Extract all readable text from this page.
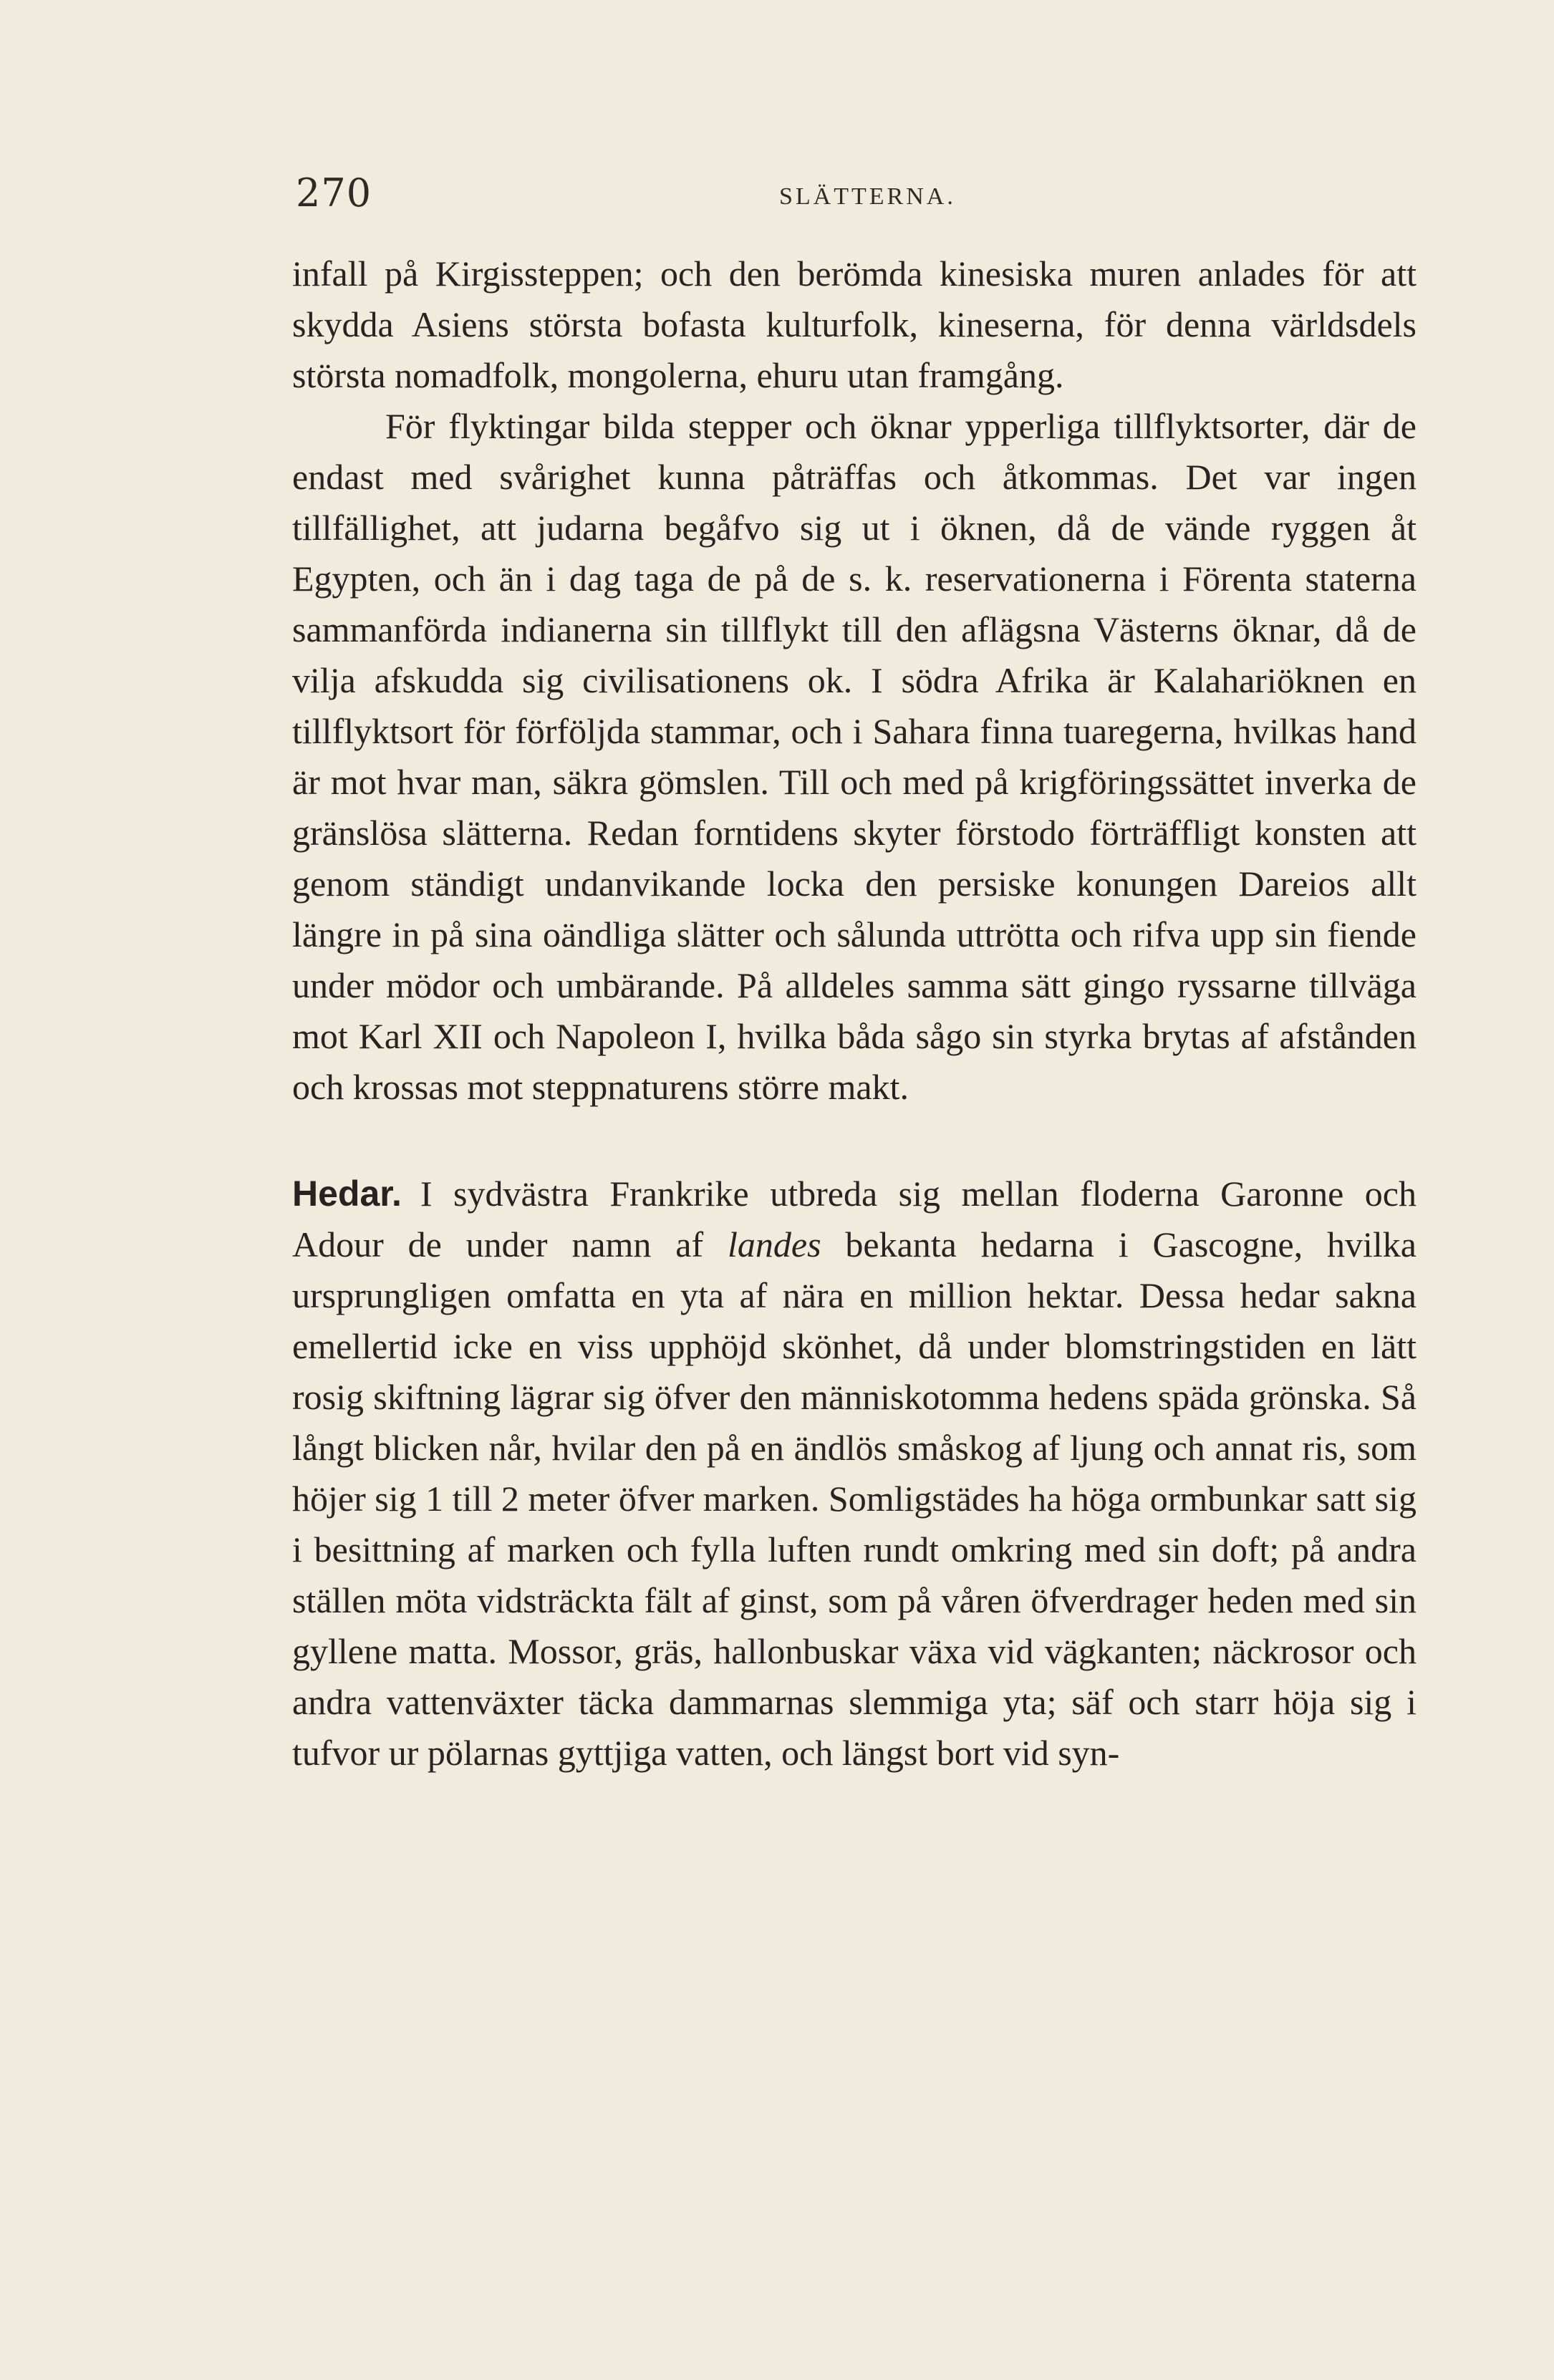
270	SLÄTTERNA.

infall på Kirgissteppen; och den berömda kinesiska muren anlades för att skydda Asiens största bofasta kulturfolk, kineserna, för denna världsdels största nomadfolk, mongolerna, ehuru utan framgång.

För flyktingar bilda stepper och öknar ypperliga tillflyktsorter, där de endast med svårighet kunna påträffas och åtkommas. Det var ingen tillfällighet, att judarna begåfvo sig ut i öknen, då de vände ryggen åt Egypten, och än i dag taga de på de s. k. reservationerna i Förenta staterna sammanförda indianerna sin tillflykt till den aflägsna Västerns öknar, då de vilja afskudda sig civilisationens ok. I södra Afrika är Kalahariöknen en tillflyktsort för förföljda stammar, och i Sahara finna tuaregerna, hvilkas hand är mot hvar man, säkra gömslen. Till och med på krigföringssättet inverka de gränslösa slätterna. Redan forntidens skyter förstodo förträffligt konsten att genom ständigt undanvikande locka den persiske konungen Dareios allt längre in på sina oändliga slätter och sålunda uttrötta och rifva upp sin fiende under mödor och umbärande. På alldeles samma sätt gingo ryssarne tillväga mot Karl XII och Napoleon I, hvilka båda sågo sin styrka brytas af afstånden och krossas mot steppnaturens större makt.

Hedar. I sydvästra Frankrike utbreda sig mellan floderna Garonne och Adour de under namn af landes bekanta hedarna i Gascogne, hvilka ursprungligen omfatta en yta af nära en million hektar. Dessa hedar sakna emellertid icke en viss upphöjd skönhet, då under blomstringstiden en lätt rosig skiftning lägrar sig öfver den människotomma hedens späda grönska. Så långt blicken når, hvilar den på en ändlös småskog af ljung och annat ris, som höjer sig 1 till 2 meter öfver marken. Somligstädes ha höga ormbunkar satt sig i besittning af marken och fylla luften rundt omkring med sin doft; på andra ställen möta vidsträckta fält af ginst, som på våren öfverdrager heden med sin gyllene matta. Mossor, gräs, hallonbuskar växa vid vägkanten; näckrosor och andra vattenväxter täcka dammarnas slemmiga yta; säf och starr höja sig i tufvor ur pölarnas gyttjiga vatten, och längst bort vid syn-
